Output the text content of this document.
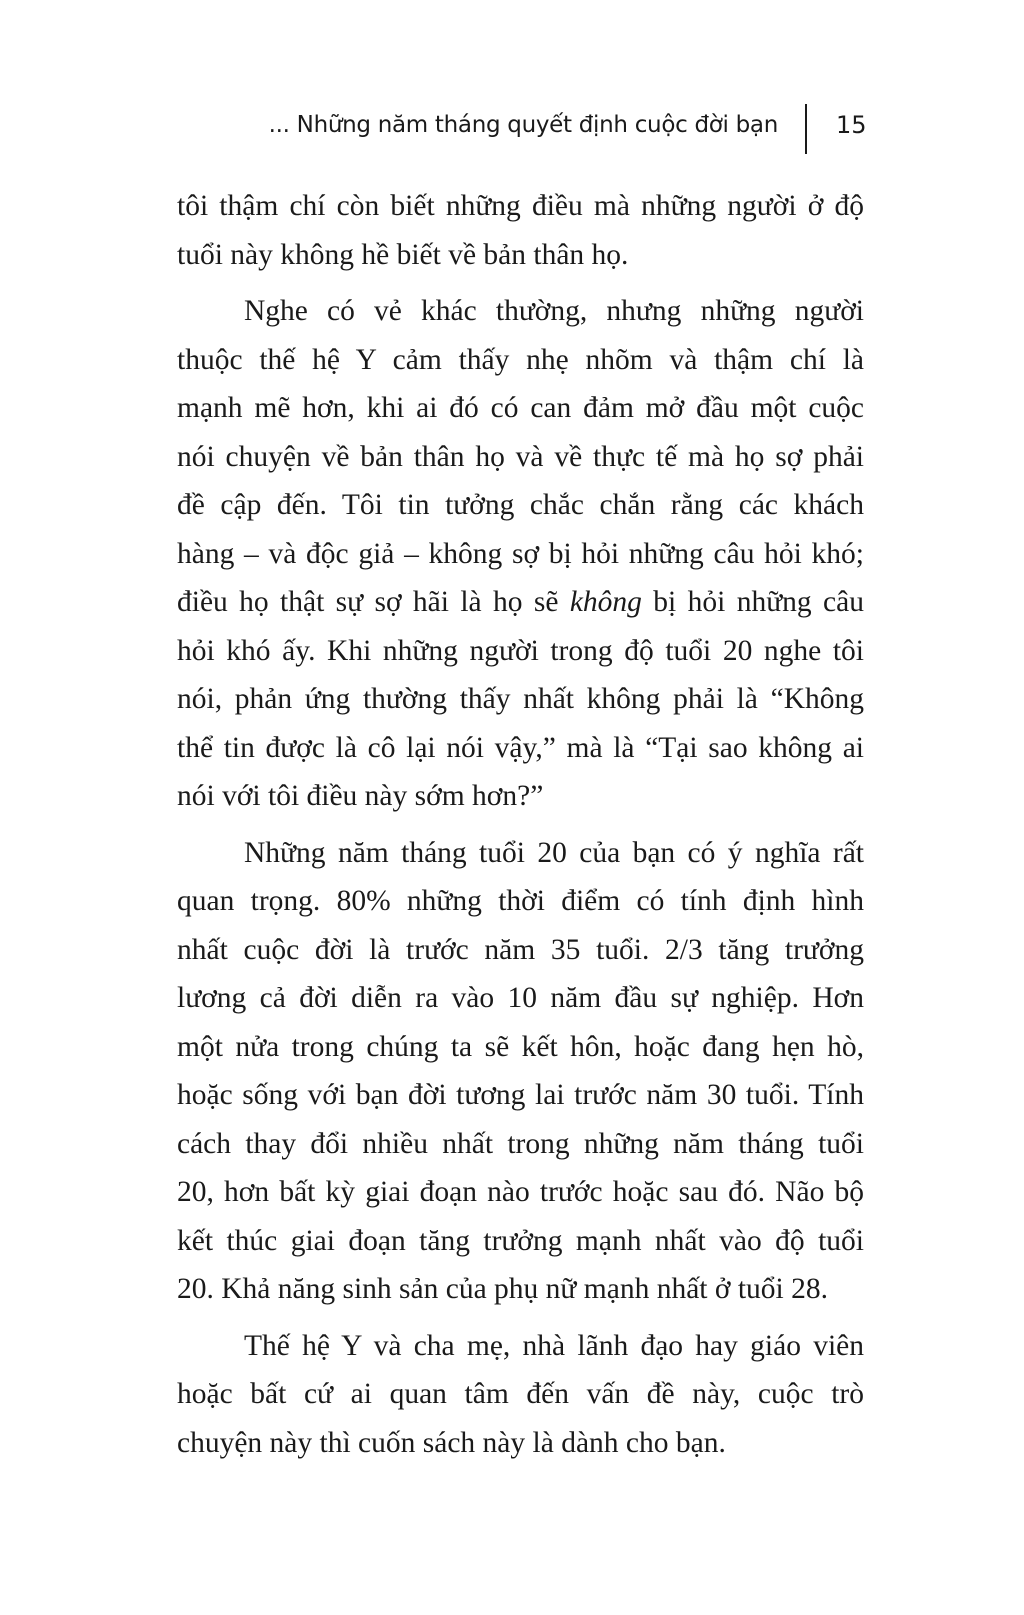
... Những năm tháng quyết định cuộc đời bạn 15
tôi thậm chí còn biết những điều mà những người ở độ
tuổi này không hề biết về bản thân họ.
Nghe có vẻ khác thường, nhưng những người
thuộc thế hệ Y cảm thấy nhẹ nhõm và thậm chí là
mạnh mẽ hơn, khi ai đó có can đảm mở đầu một cuộc
nói chuyện về bản thân họ và về thực tế mà họ sợ phải
đề cập đến. Tôi tin tưởng chắc chắn rằng các khách
hàng – và độc giả – không sợ bị hỏi những câu hỏi khó;
điều họ thật sự sợ hãi là họ sẽ không bị hỏi những câu
hỏi khó ấy. Khi những người trong độ tuổi 20 nghe tôi
nói, phản ứng thường thấy nhất không phải là “Không
thể tin được là cô lại nói vậy,” mà là “Tại sao không ai
nói với tôi điều này sớm hơn?”
Những năm tháng tuổi 20 của bạn có ý nghĩa rất
quan trọng. 80% những thời điểm có tính định hình
nhất cuộc đời là trước năm 35 tuổi. 2/3 tăng trưởng
lương cả đời diễn ra vào 10 năm đầu sự nghiệp. Hơn
một nửa trong chúng ta sẽ kết hôn, hoặc đang hẹn hò,
hoặc sống với bạn đời tương lai trước năm 30 tuổi. Tính
cách thay đổi nhiều nhất trong những năm tháng tuổi
20, hơn bất kỳ giai đoạn nào trước hoặc sau đó. Não bộ
kết thúc giai đoạn tăng trưởng mạnh nhất vào độ tuổi
20. Khả năng sinh sản của phụ nữ mạnh nhất ở tuổi 28.
Thế hệ Y và cha mẹ, nhà lãnh đạo hay giáo viên
hoặc bất cứ ai quan tâm đến vấn đề này, cuộc trò
chuyện này thì cuốn sách này là dành cho bạn.
